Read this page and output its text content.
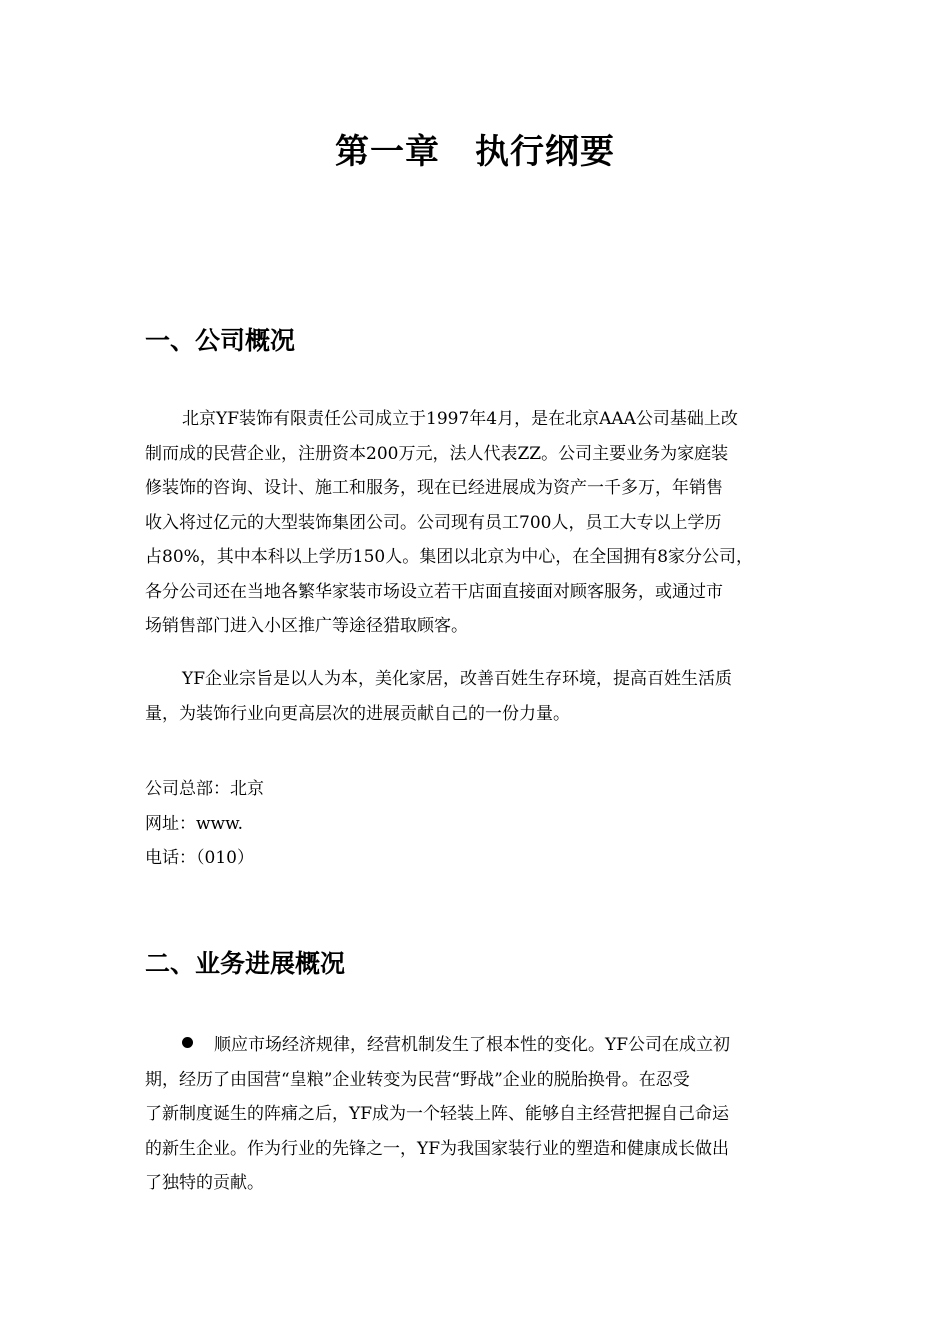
第一章　执行纲要
一、公司概况
北京YF装饰有限责任公司成立于1997年4月，是在北京AAA公司基础上改
制而成的民营企业，注册资本200万元，法人代表ZZ。公司主要业务为家庭装
修装饰的咨询、设计、施工和服务，现在已经进展成为资产一千多万，年销售
收入将过亿元的大型装饰集团公司。公司现有员工700人，员工大专以上学历
占80%，其中本科以上学历150人。集团以北京为中心，在全国拥有8家分公司，
各分公司还在当地各繁华家装市场设立若干店面直接面对顾客服务，或通过市
场销售部门进入小区推广等途径猎取顾客。
YF企业宗旨是以人为本，美化家居，改善百姓生存环境，提高百姓生活质
量，为装饰行业向更高层次的进展贡献自己的一份力量。
公司总部：北京
网址：www.
电话：（010）
二、业务进展概况
顺应市场经济规律，经营机制发生了根本性的变化。YF公司在成立初
期，经历了由国营“皇粮”企业转变为民营“野战”企业的脱胎换骨。在忍受
了新制度诞生的阵痛之后，YF成为一个轻装上阵、能够自主经营把握自己命运
的新生企业。作为行业的先锋之一，YF为我国家装行业的塑造和健康成长做出
了独特的贡献。
